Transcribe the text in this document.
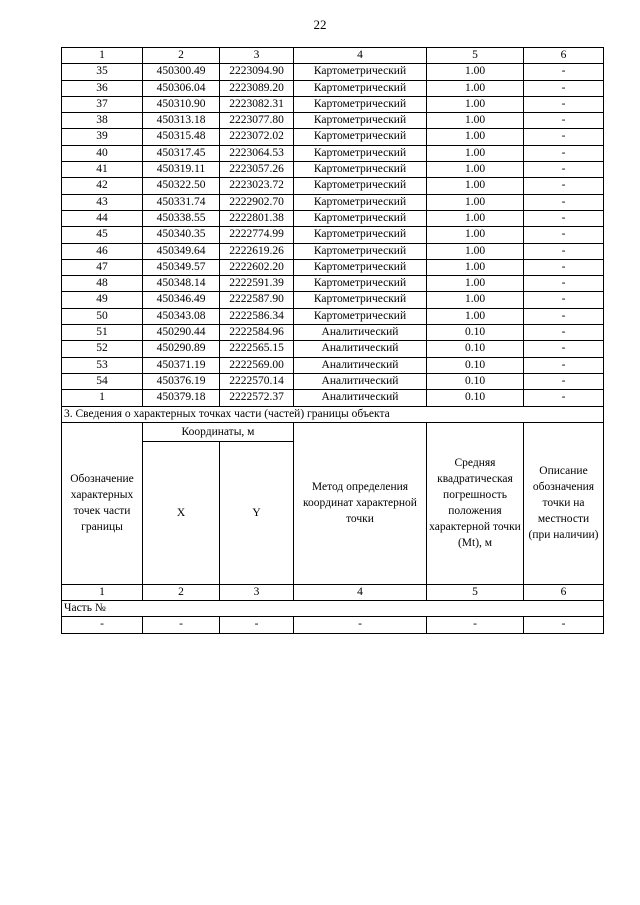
22
1	2	3	4	5	6
35	450300.49	2223094.90	Картометрический	1.00	-
36	450306.04	2223089.20	Картометрический	1.00	-
37	450310.90	2223082.31	Картометрический	1.00	-
38	450313.18	2223077.80	Картометрический	1.00	-
39	450315.48	2223072.02	Картометрический	1.00	-
40	450317.45	2223064.53	Картометрический	1.00	-
41	450319.11	2223057.26	Картометрический	1.00	-
42	450322.50	2223023.72	Картометрический	1.00	-
43	450331.74	2222902.70	Картометрический	1.00	-
44	450338.55	2222801.38	Картометрический	1.00	-
45	450340.35	2222774.99	Картометрический	1.00	-
46	450349.64	2222619.26	Картометрический	1.00	-
47	450349.57	2222602.20	Картометрический	1.00	-
48	450348.14	2222591.39	Картометрический	1.00	-
49	450346.49	2222587.90	Картометрический	1.00	-
50	450343.08	2222586.34	Картометрический	1.00	-
51	450290.44	2222584.96	Аналитический	0.10	-
52	450290.89	2222565.15	Аналитический	0.10	-
53	450371.19	2222569.00	Аналитический	0.10	-
54	450376.19	2222570.14	Аналитический	0.10	-
1	450379.18	2222572.37	Аналитический	0.10	-
3. Сведения о характерных точках части (частей) границы объекта					
Обозначение характерных точек части границы	Координаты, м		Метод определения координат характерной точки	Средняя квадратическая погрешность положения характерной точки (Mt), м	Описание обозначения точки на местности (при наличии)
	X	Y			
1	2	3	4	5	6
Часть №					
-	-	-	-	-	-
